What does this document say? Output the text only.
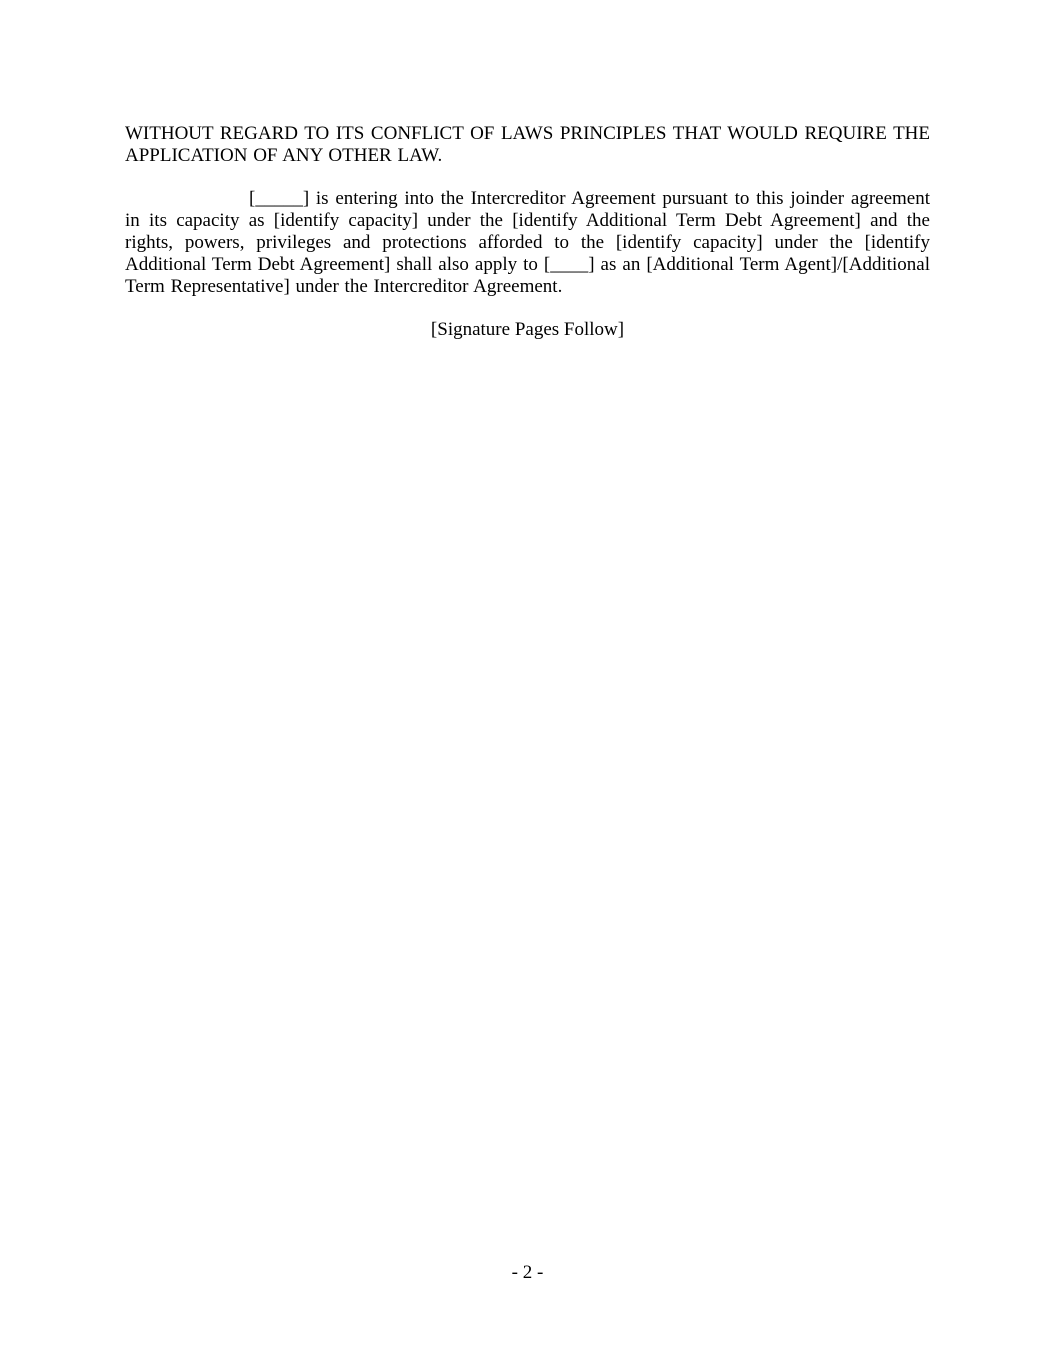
WITHOUT REGARD TO ITS CONFLICT OF LAWS PRINCIPLES THAT WOULD REQUIRE THE APPLICATION OF ANY OTHER LAW.

[_____] is entering into the Intercreditor Agreement pursuant to this joinder agreement in its capacity as [identify capacity] under the [identify Additional Term Debt Agreement] and the rights, powers, privileges and protections afforded to the [identify capacity] under the [identify Additional Term Debt Agreement] shall also apply to [____] as an [Additional Term Agent]/[Additional Term Representative] under the Intercreditor Agreement.

[Signature Pages Follow]

- 2 -
